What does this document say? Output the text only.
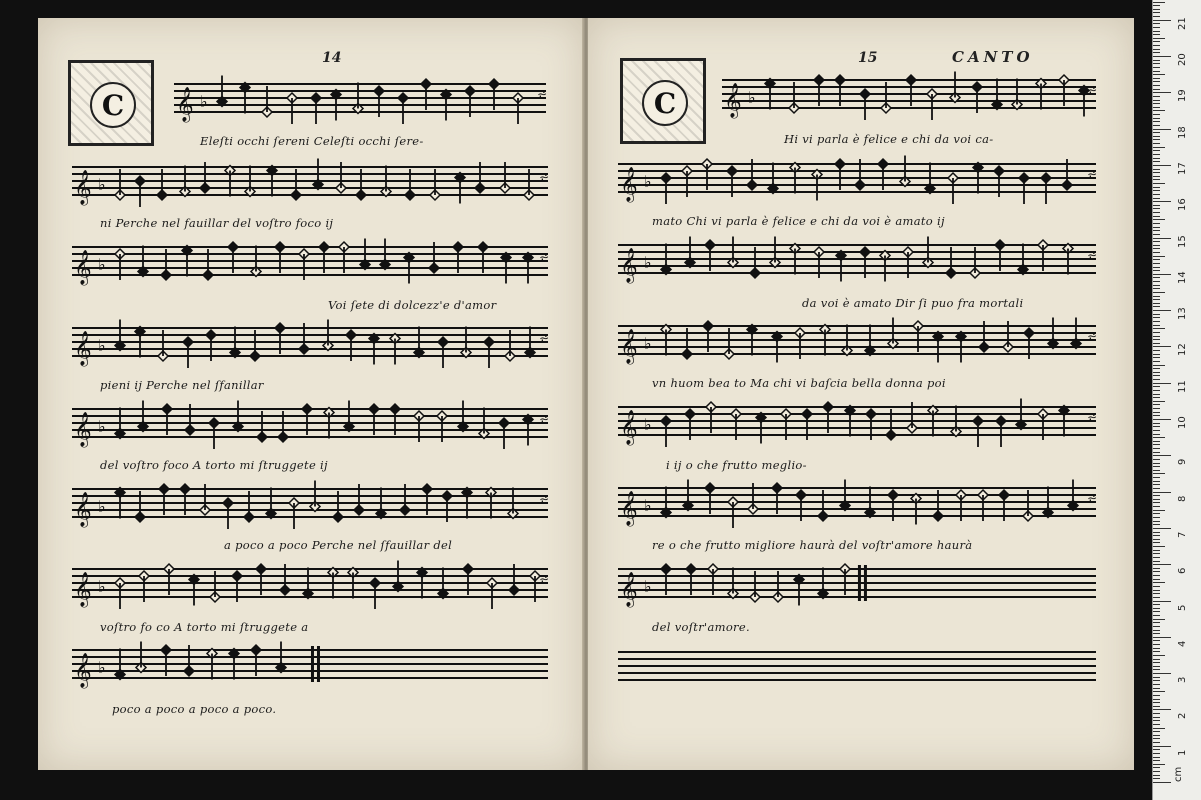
14
C	𝄞 ♭	⩫
Eleſti occhi ſereni Celeſti occhi ſere-
𝄞 ♭	⩫
ni Perche nel fauillar del voſtro foco ij
𝄞 ♭	⩫
Voi ſete di dolcezz'e d'amor
𝄞 ♭	⩫
pieni ij Perche nel ſfanillar
𝄞 ♭	⩫
del voſtro foco A torto mi ſtruggete ij
𝄞 ♭	⩫
a poco a poco Perche nel ſfauillar del
𝄞 ♭	⩫
voſtro fo co A torto mi ſtruggete a
𝄞 ♭
poco a poco a poco a poco.
15	CANTO
C	𝄞 ♭	⩫
Hi vi parla è felice e chi da voi ca-
𝄞 ♭	⩫
mato Chi vi parla è felice e chi da voi è amato ij
𝄞 ♭	⩫
da voi è amato Dir ſi puo fra mortali
𝄞 ♭	⩫
vn huom bea to Ma chi vi baſcia bella donna poi
𝄞 ♭	⩫
i ij o che frutto meglio-
𝄞 ♭	⩫
re o che frutto migliore haurà del voſtr'amore haurà
𝄞 ♭
del voſtr'amore.
1
2
3
4
5
6
7
8
9
10
11
12
13
14
15
16
17
18
19
20
21
cm
